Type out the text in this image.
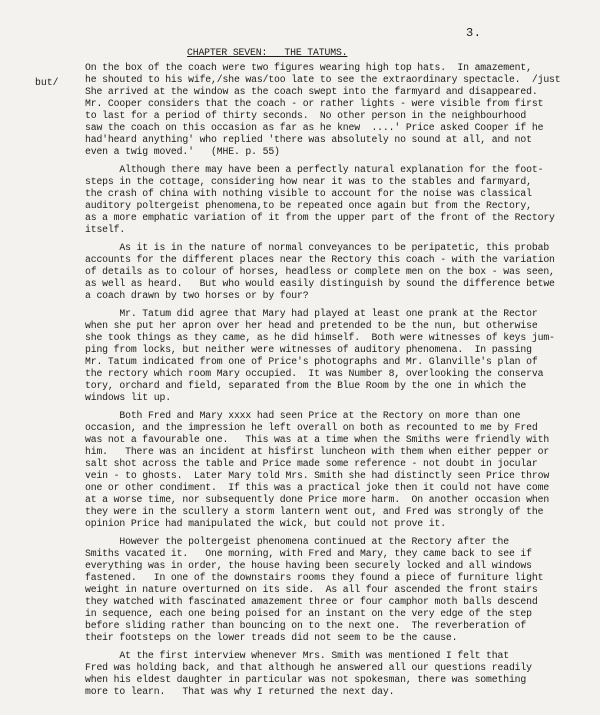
3.
CHAPTER SEVEN:   THE TATUMS.
but/
On the box of the coach were two figures wearing high top hats.  In amazement,
he shouted to his wife,/she was/too late to see the extraordinary spectacle.  /just
She arrived at the window as the coach swept into the farmyard and disappeared.
Mr. Cooper considers that the coach - or rather lights - were visible from first
to last for a period of thirty seconds.  No other person in the neighbourhood
saw the coach on this occasion as far as he knew  ....' Price asked Cooper if he
had'heard anything' who replied 'there was absolutely no sound at all, and not
even a twig moved.'   (MHE. p. 55)
Although there may have been a perfectly natural explanation for the foot-
steps in the cottage, considering how near it was to the stables and farmyard,
the crash of china with nothing visible to account for the noise was classical
auditory poltergeist phenomena,to be repeated once again but from the Rectory,
as a more emphatic variation of it from the upper part of the front of the Rectory
itself.
As it is in the nature of normal conveyances to be peripatetic, this probab
accounts for the different places near the Rectory this coach - with the variation
of details as to colour of horses, headless or complete men on the box - was seen,
as well as heard.   But who would easily distinguish by sound the difference betwe
a coach drawn by two horses or by four?
Mr. Tatum did agree that Mary had played at least one prank at the Rector
when she put her apron over her head and pretended to be the nun, but otherwise
she took things as they came, as he did himself.  Both were witnesses of keys jum-
ping from locks, but neither were witnesses of auditory phenomena.  In passing
Mr. Tatum indicated from one of Price's photographs and Mr. Glanville's plan of
the rectory which room Mary occupied.  It was Number 8, overlooking the conserva
tory, orchard and field, separated from the Blue Room by the one in which the
windows lit up.
Both Fred and Mary xxxx had seen Price at the Rectory on more than one
occasion, and the impression he left overall on both as recounted to me by Fred
was not a favourable one.   This was at a time when the Smiths were friendly with
him.   There was an incident at hisfirst luncheon with them when either pepper or
salt shot across the table and Price made some reference - not doubt in jocular
vein - to ghosts.  Later Mary told Mrs. Smith she had distinctly seen Price throw
one or other condiment.  If this was a practical joke then it could not have come
at a worse time, nor subsequently done Price more harm.  On another occasion when
they were in the scullery a storm lantern went out, and Fred was strongly of the
opinion Price had manipulated the wick, but could not prove it.
However the poltergeist phenomena continued at the Rectory after the
Smiths vacated it.   One morning, with Fred and Mary, they came back to see if
everything was in order, the house having been securely locked and all windows
fastened.   In one of the downstairs rooms they found a piece of furniture light
weight in nature overturned on its side.  As all four ascended the front stairs
they watched with fascinated amazement three or four camphor moth balls descend
in sequence, each one being poised for an instant on the very edge of the step
before sliding rather than bouncing on to the next one.  The reverberation of
their footsteps on the lower treads did not seem to be the cause.
At the first interview whenever Mrs. Smith was mentioned I felt that
Fred was holding back, and that although he answered all our questions readily
when his eldest daughter in particular was not spokesman, there was something
more to learn.   That was why I returned the next day.
